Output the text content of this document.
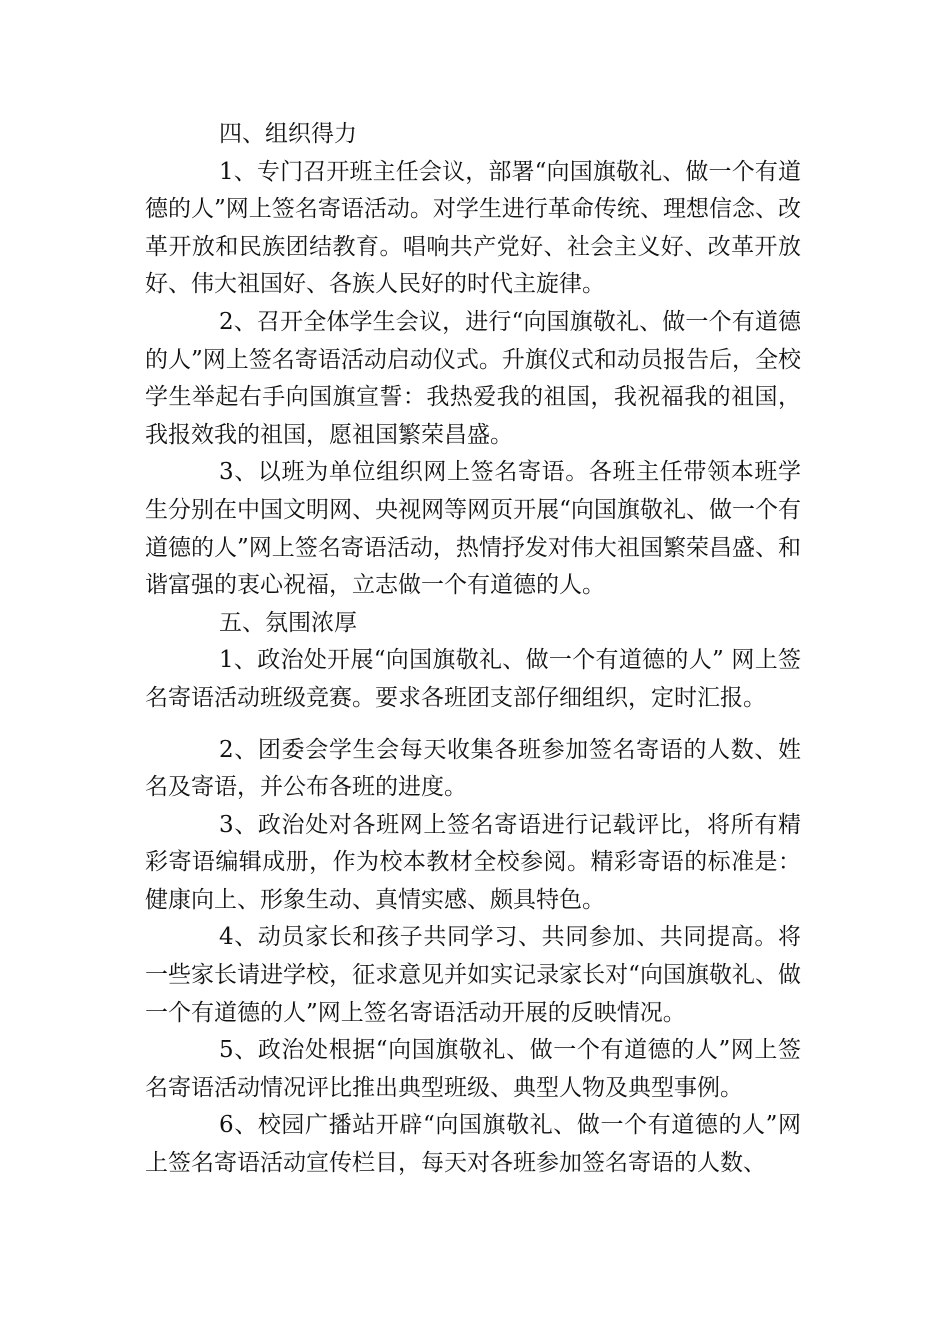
四、组织得力

1、专门召开班主任会议，部署“向国旗敬礼、做一个有道德的人”网上签名寄语活动。对学生进行革命传统、理想信念、改革开放和民族团结教育。唱响共产党好、社会主义好、改革开放好、伟大祖国好、各族人民好的时代主旋律。

2、召开全体学生会议，进行“向国旗敬礼、做一个有道德的人”网上签名寄语活动启动仪式。升旗仪式和动员报告后，全校学生举起右手向国旗宣誓：我热爱我的祖国，我祝福我的祖国，我报效我的祖国，愿祖国繁荣昌盛。

3、以班为单位组织网上签名寄语。各班主任带领本班学生分别在中国文明网、央视网等网页开展“向国旗敬礼、做一个有道德的人”网上签名寄语活动，热情抒发对伟大祖国繁荣昌盛、和谐富强的衷心祝福，立志做一个有道德的人。

五、氛围浓厚

1、政治处开展“向国旗敬礼、做一个有道德的人” 网上签名寄语活动班级竞赛。要求各班团支部仔细组织，定时汇报。

2、团委会学生会每天收集各班参加签名寄语的人数、姓名及寄语，并公布各班的进度。

3、政治处对各班网上签名寄语进行记载评比，将所有精彩寄语编辑成册，作为校本教材全校参阅。精彩寄语的标准是：健康向上、形象生动、真情实感、颇具特色。

4、动员家长和孩子共同学习、共同参加、共同提高。将一些家长请进学校，征求意见并如实记录家长对“向国旗敬礼、做一个有道德的人”网上签名寄语活动开展的反映情况。

5、政治处根据“向国旗敬礼、做一个有道德的人”网上签名寄语活动情况评比推出典型班级、典型人物及典型事例。

6、校园广播站开辟“向国旗敬礼、做一个有道德的人”网上签名寄语活动宣传栏目，每天对各班参加签名寄语的人数、
